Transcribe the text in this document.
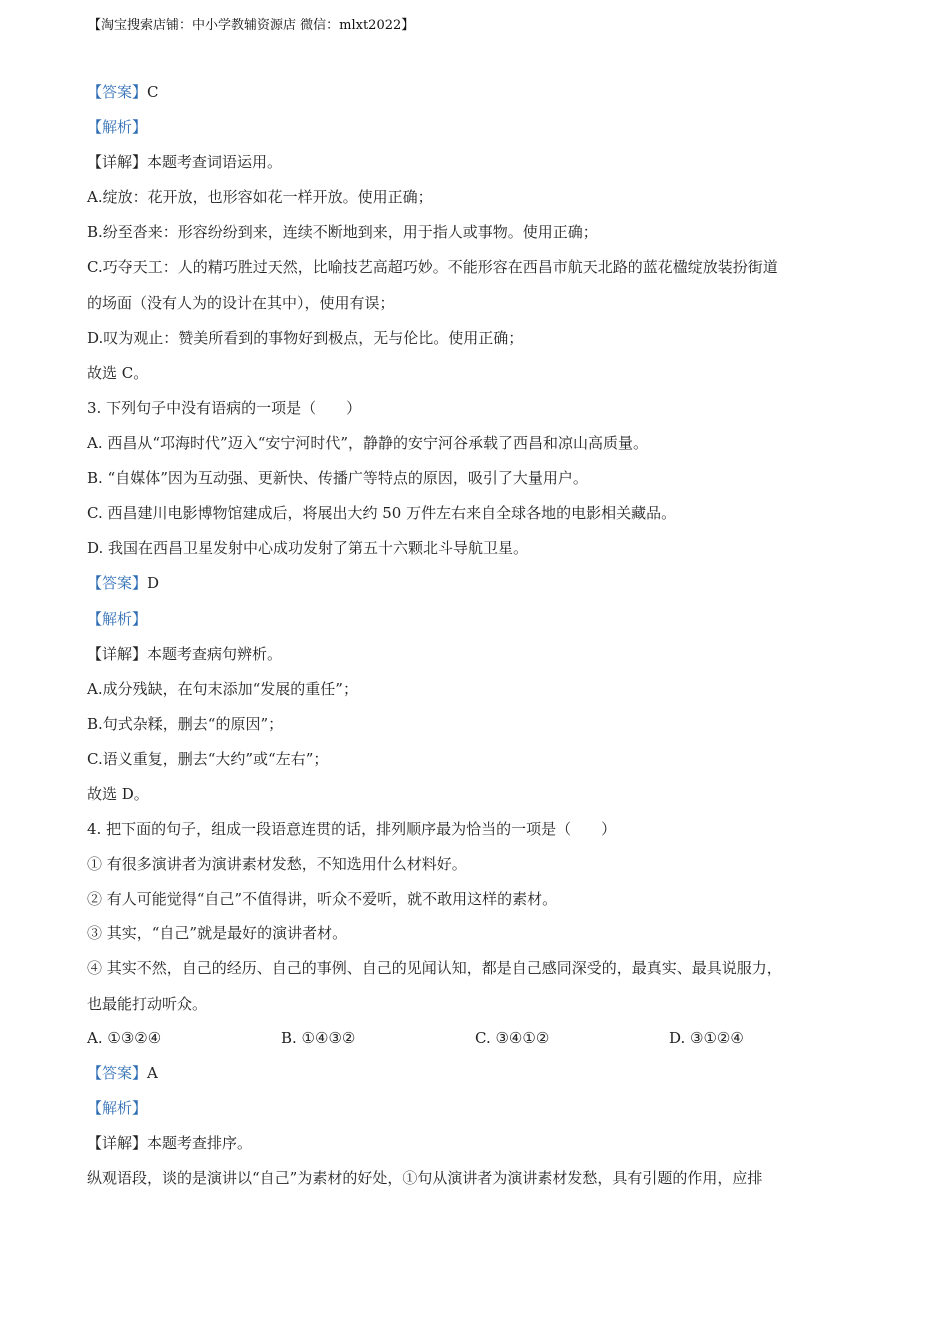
【淘宝搜索店铺：中小学教辅资源店 微信：mlxt2022】
【答案】C
【解析】
【详解】本题考查词语运用。
A.绽放：花开放，也形容如花一样开放。使用正确；
B.纷至沓来：形容纷纷到来，连续不断地到来，用于指人或事物。使用正确；
C.巧夺天工：人的精巧胜过天然，比喻技艺高超巧妙。不能形容在西昌市航天北路的蓝花楹绽放装扮街道
的场面（没有人为的设计在其中），使用有误；
D.叹为观止：赞美所看到的事物好到极点，无与伦比。使用正确；
故选 C。
3. 下列句子中没有语病的一项是（　　）
A. 西昌从“邛海时代”迈入“安宁河时代”，静静的安宁河谷承载了西昌和凉山高质量。
B. “自媒体”因为互动强、更新快、传播广等特点的原因，吸引了大量用户。
C. 西昌建川电影博物馆建成后，将展出大约 50 万件左右来自全球各地的电影相关藏品。
D. 我国在西昌卫星发射中心成功发射了第五十六颗北斗导航卫星。
【答案】D
【解析】
【详解】本题考查病句辨析。
A.成分残缺，在句末添加“发展的重任”；
B.句式杂糅，删去“的原因”；
C.语义重复，删去“大约”或“左右”；
故选 D。
4. 把下面的句子，组成一段语意连贯的话，排列顺序最为恰当的一项是（　　）
① 有很多演讲者为演讲素材发愁，不知选用什么材料好。
② 有人可能觉得“自己”不值得讲，听众不爱听，就不敢用这样的素材。
③ 其实，“自己”就是最好的演讲者材。
④ 其实不然，自己的经历、自己的事例、自己的见闻认知，都是自己感同深受的，最真实、最具说服力，
也最能打动听众。
A. ①③②④	B. ①④③②	C. ③④①②	D. ③①②④
【答案】A
【解析】
【详解】本题考查排序。
纵观语段，谈的是演讲以“自己”为素材的好处，①句从演讲者为演讲素材发愁，具有引题的作用，应排
